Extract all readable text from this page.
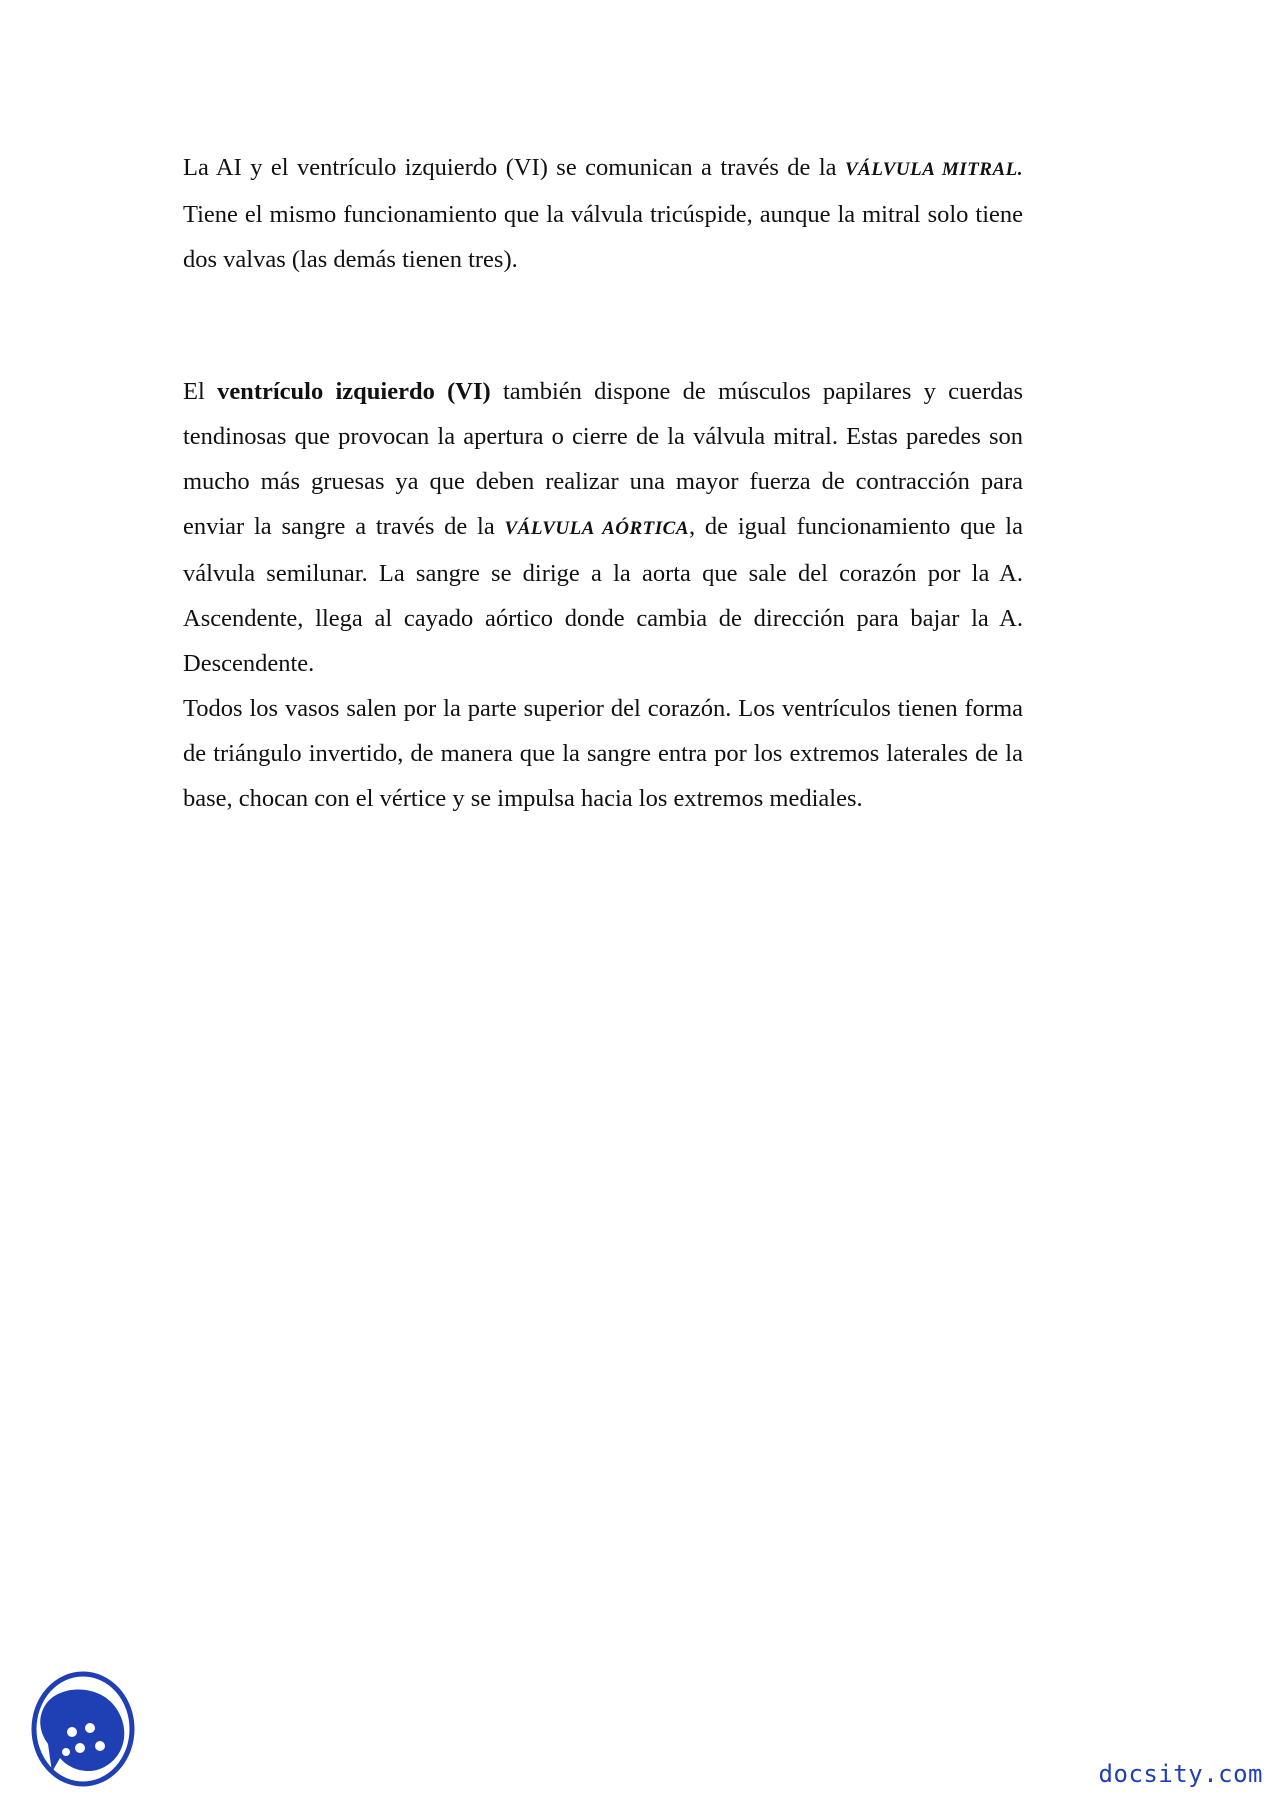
La AI y el ventrículo izquierdo (VI) se comunican a través de la VÁLVULA MITRAL. Tiene el mismo funcionamiento que la válvula tricúspide, aunque la mitral solo tiene dos valvas (las demás tienen tres).

El ventrículo izquierdo (VI) también dispone de músculos papilares y cuerdas tendinosas que provocan la apertura o cierre de la válvula mitral. Estas paredes son mucho más gruesas ya que deben realizar una mayor fuerza de contracción para enviar la sangre a través de la VÁLVULA AÓRTICA, de igual funcionamiento que la válvula semilunar. La sangre se dirige a la aorta que sale del corazón por la A. Ascendente, llega al cayado aórtico donde cambia de dirección para bajar la A. Descendente.

Todos los vasos salen por la parte superior del corazón. Los ventrículos tienen forma de triángulo invertido, de manera que la sangre entra por los extremos laterales de la base, chocan con el vértice y se impulsa hacia los extremos mediales.

docsity.com
